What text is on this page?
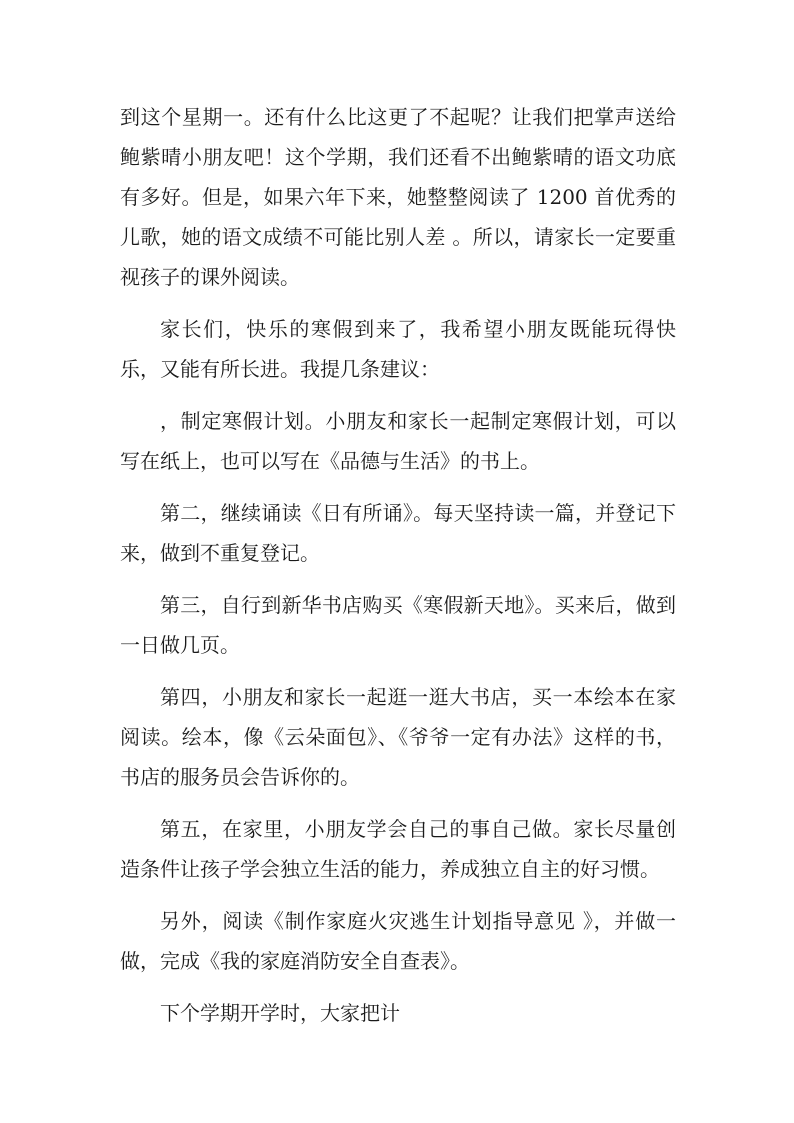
到这个星期一。还有什么比这更了不起呢？让我们把掌声送给鲍紫晴小朋友吧！这个学期，我们还看不出鲍紫晴的语文功底有多好。但是，如果六年下来，她整整阅读了 1200 首优秀的儿歌，她的语文成绩不可能比别人差 。所以，请家长一定要重视孩子的课外阅读。

家长们，快乐的寒假到来了，我希望小朋友既能玩得快乐，又能有所长进。我提几条建议：

，制定寒假计划。小朋友和家长一起制定寒假计划，可以写在纸上，也可以写在《品德与生活》的书上。

第二，继续诵读《日有所诵》。每天坚持读一篇，并登记下来，做到不重复登记。

第三，自行到新华书店购买《寒假新天地》。买来后，做到一日做几页。

第四，小朋友和家长一起逛一逛大书店，买一本绘本在家阅读。绘本，像《云朵面包》、《爷爷一定有办法》这样的书，书店的服务员会告诉你的。

第五，在家里，小朋友学会自己的事自己做。家长尽量创造条件让孩子学会独立生活的能力，养成独立自主的好习惯。

另外，阅读《制作家庭火灾逃生计划指导意见 》，并做一做，完成《我的家庭消防安全自查表》。

下个学期开学时，大家把计
